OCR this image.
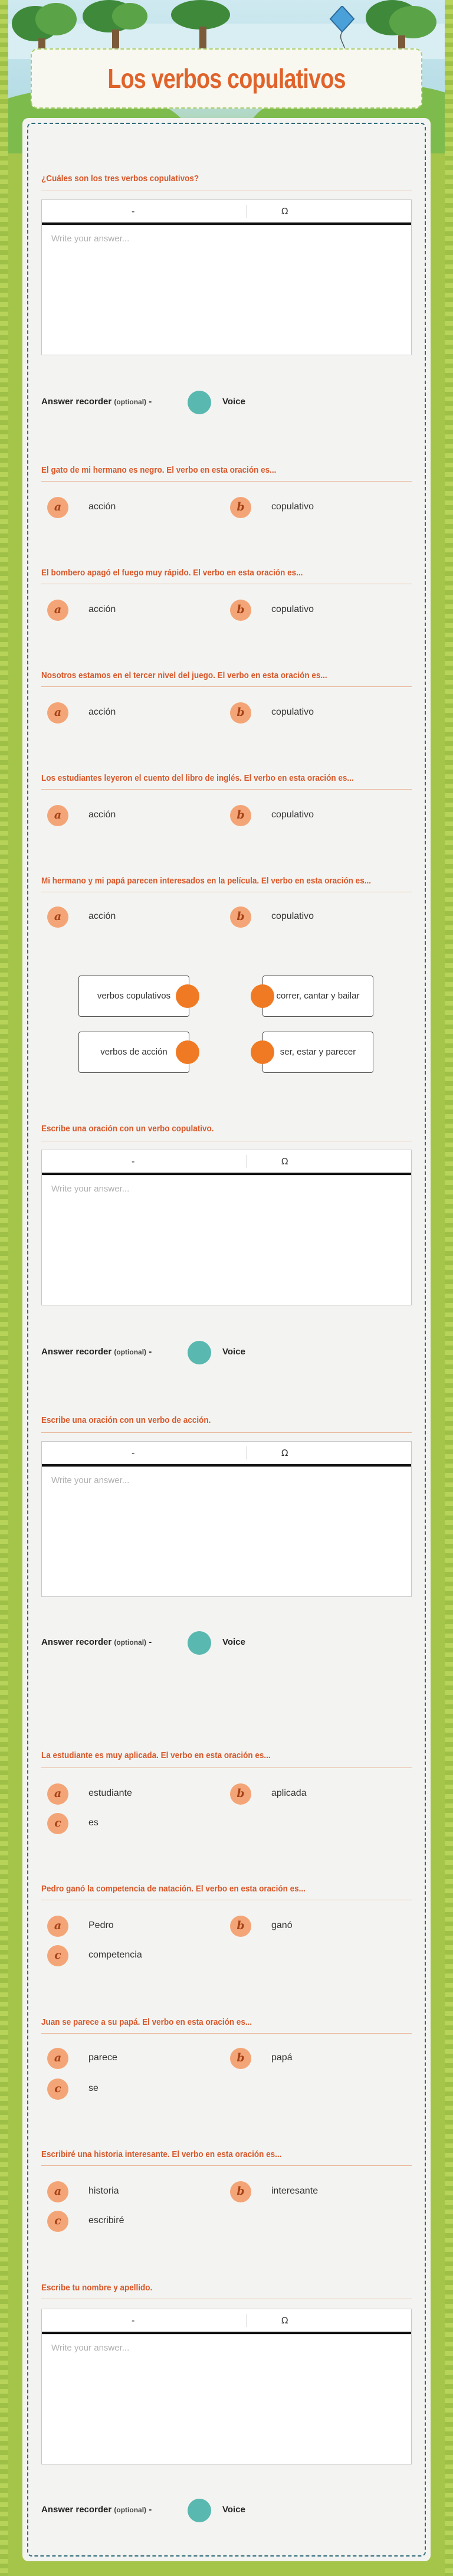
Los verbos copulativos
¿Cuáles son los tres verbos copulativos?
-	Ω
Write your answer...
Answer recorder (optional) -	Voice
El gato de mi hermano es negro. El verbo en esta oración es...
a	acción	b	copulativo
El bombero apagó el fuego muy rápido. El verbo en esta oración es...
a	acción	b	copulativo
Nosotros estamos en el tercer nivel del juego. El verbo en esta oración es...
a	acción	b	copulativo
Los estudiantes leyeron el cuento del libro de inglés. El verbo en esta oración es...
a	acción	b	copulativo
Mi hermano y mi papá parecen interesados en la película. El verbo en esta oración es...
a	acción	b	copulativo
verbos copulativos	correr, cantar y bailar
verbos de acción	ser, estar y parecer
Escribe una oración con un verbo copulativo.
-	Ω
Write your answer...
Answer recorder (optional) -	Voice
Escribe una oración con un verbo de acción.
-	Ω
Write your answer...
Answer recorder (optional) -	Voice
La estudiante es muy aplicada. El verbo en esta oración es...
a	estudiante	b	aplicada
c	es
Pedro ganó la competencia de natación. El verbo en esta oración es...
a	Pedro	b	ganó
c	competencia
Juan se parece a su papá. El verbo en esta oración es...
a	parece	b	papá
c	se
Escribiré una historia interesante. El verbo en esta oración es...
a	historia	b	interesante
c	escribiré
Escribe tu nombre y apellido.
-	Ω
Write your answer...
Answer recorder (optional) -	Voice
